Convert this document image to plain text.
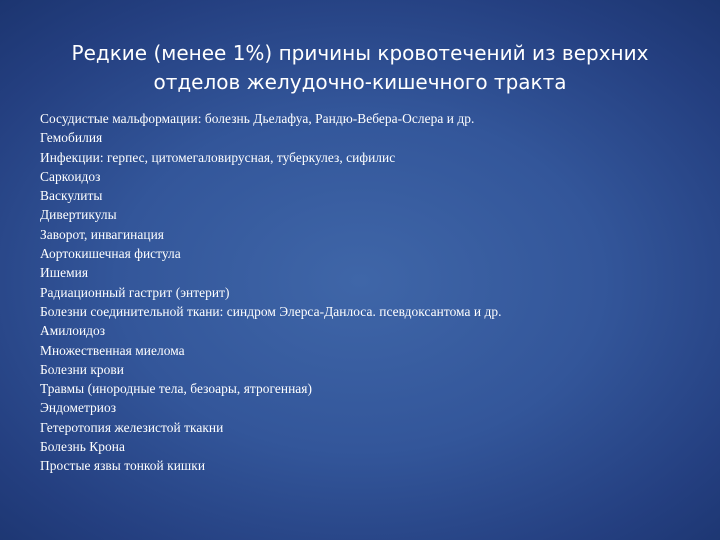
Редкие (менее 1%) причины кровотечений из верхних
отделов желудочно-кишечного тракта
Сосудистые мальформации: болезнь Дьелафуа, Рандю-Вебера-Ослера и др.
Гемобилия
Инфекции: герпес, цитомегаловирусная, туберкулез, сифилис
Саркоидоз
Васкулиты
Дивертикулы
Заворот, инвагинация
Аортокишечная фистула
Ишемия
Радиационный гастрит (энтерит)
Болезни соединительной ткани: синдром Элерса-Данлоса. псевдоксантома и др.
Амилоидоз
Множественная миелома
Болезни крови
Травмы (инородные тела, безоары, ятрогенная)
Эндометриоз
Гетеротопия железистой ткакни
Болезнь Крона
Простые язвы тонкой кишки
